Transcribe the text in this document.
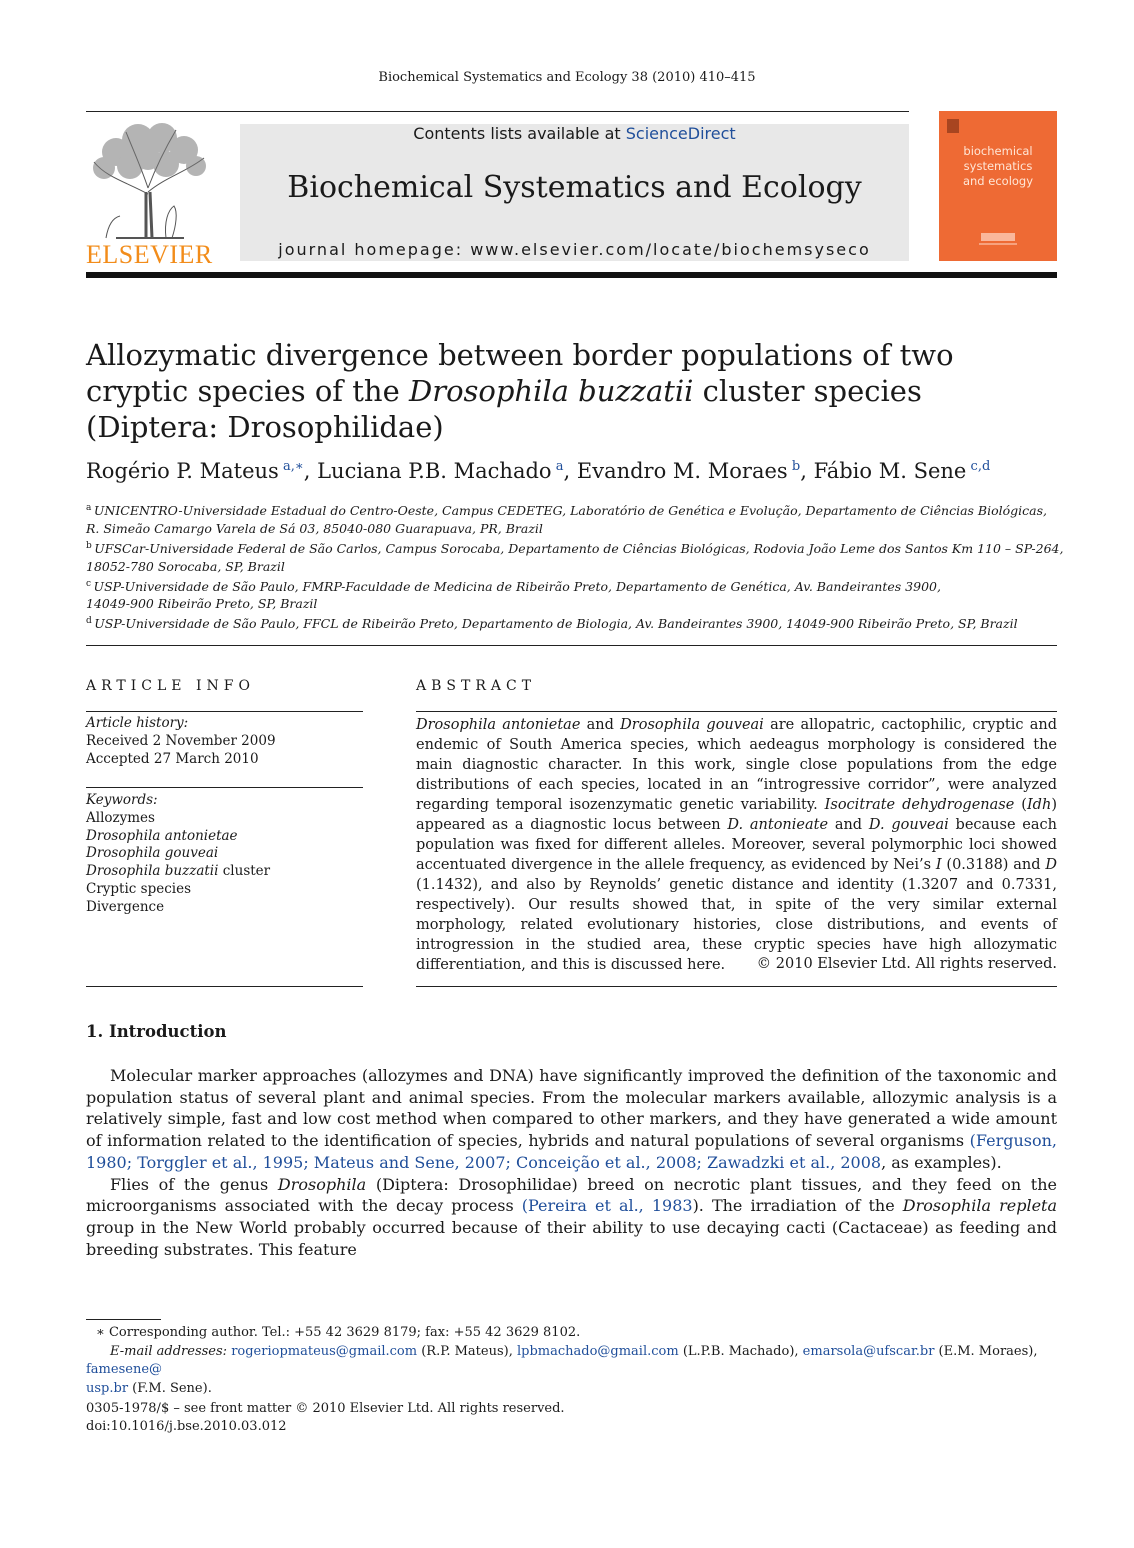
Biochemical Systematics and Ecology 38 (2010) 410–415
ELSEVIER
Contents lists available at ScienceDirect
Biochemical Systematics and Ecology
journal homepage: www.elsevier.com/locate/biochemsyseco
biochemical
systematics
and ecology
Allozymatic divergence between border populations of two
cryptic species of the Drosophila buzzatii cluster species
(Diptera: Drosophilidae)
Rogério P. Mateus  $^{a,∗}$, Luciana P.B. Machado  $^a$, Evandro M. Moraes  $^b$, Fábio M. Sene  $^{c,d}$
$^a$  UNICENTRO-Universidade Estadual do Centro-Oeste, Campus CEDETEG, Laboratório de Genética e Evolução, Departamento de Ciências Biológicas,
R. Simeão Camargo Varela de Sá 03, 85040-080 Guarapuava, PR, Brazil
$^b$  UFSCar-Universidade Federal de São Carlos, Campus Sorocaba, Departamento de Ciências Biológicas, Rodovia João Leme dos Santos Km 110 – SP-264,
18052-780 Sorocaba, SP, Brazil
$^c$  USP-Universidade de São Paulo, FMRP-Faculdade de Medicina de Ribeirão Preto, Departamento de Genética, Av. Bandeirantes 3900,
14049-900 Ribeirão Preto, SP, Brazil
$^d$  USP-Universidade de São Paulo, FFCL de Ribeirão Preto, Departamento de Biologia, Av. Bandeirantes 3900, 14049-900 Ribeirão Preto, SP, Brazil
ARTICLE INFO
Article history:
Received 2 November 2009
Accepted 27 March 2010
Keywords:
Allozymes
Drosophila antonietae
Drosophila gouveai
Drosophila buzzatii cluster
Cryptic species
Divergence
ABSTRACT
Drosophila antonietae and Drosophila gouveai are allopatric, cactophilic, cryptic and endemic of South America species, which aedeagus morphology is considered the main diagnostic character. In this work, single close populations from the edge distributions of each species, located in an “introgressive corridor”, were analyzed regarding temporal isozenzymatic genetic variability. Isocitrate dehydrogenase (Idh) appeared as a diagnostic locus between D. antonieate and D. gouveai because each population was fixed for different alleles. Moreover, several polymorphic loci showed accentuated divergence in the allele frequency, as evidenced by Nei’s I (0.3188) and D (1.1432), and also by Reynolds’ genetic distance and identity (1.3207 and 0.7331, respectively). Our results showed that, in spite of the very similar external morphology, related evolutionary histories, close distributions, and events of introgression in the studied area, these cryptic species have high allozymatic differentiation, and this is discussed here.	© 2010 Elsevier Ltd. All rights reserved.
1. Introduction

Molecular marker approaches (allozymes and DNA) have significantly improved the definition of the taxonomic and population status of several plant and animal species. From the molecular markers available, allozymic analysis is a relatively simple, fast and low cost method when compared to other markers, and they have generated a wide amount of information related to the identification of species, hybrids and natural populations of several organisms (Ferguson, 1980; Torggler et al., 1995; Mateus and Sene, 2007; Conceição et al., 2008; Zawadzki et al., 2008, as examples).

Flies of the genus Drosophila (Diptera: Drosophilidae) breed on necrotic plant tissues, and they feed on the microorganisms associated with the decay process (Pereira et al., 1983). The irradiation of the Drosophila repleta group in the New World probably occurred because of their ability to use decaying cacti (Cactaceae) as feeding and breeding substrates. This feature

∗ Corresponding author. Tel.: +55 42 3629 8179; fax: +55 42 3629 8102.
E-mail addresses: rogeriopmateus@gmail.com (R.P. Mateus), lpbmachado@gmail.com (L.P.B. Machado), emarsola@ufscar.br (E.M. Moraes), famesene@
usp.br (F.M. Sene).
0305-1978/$ – see front matter © 2010 Elsevier Ltd. All rights reserved.
doi:10.1016/j.bse.2010.03.012
